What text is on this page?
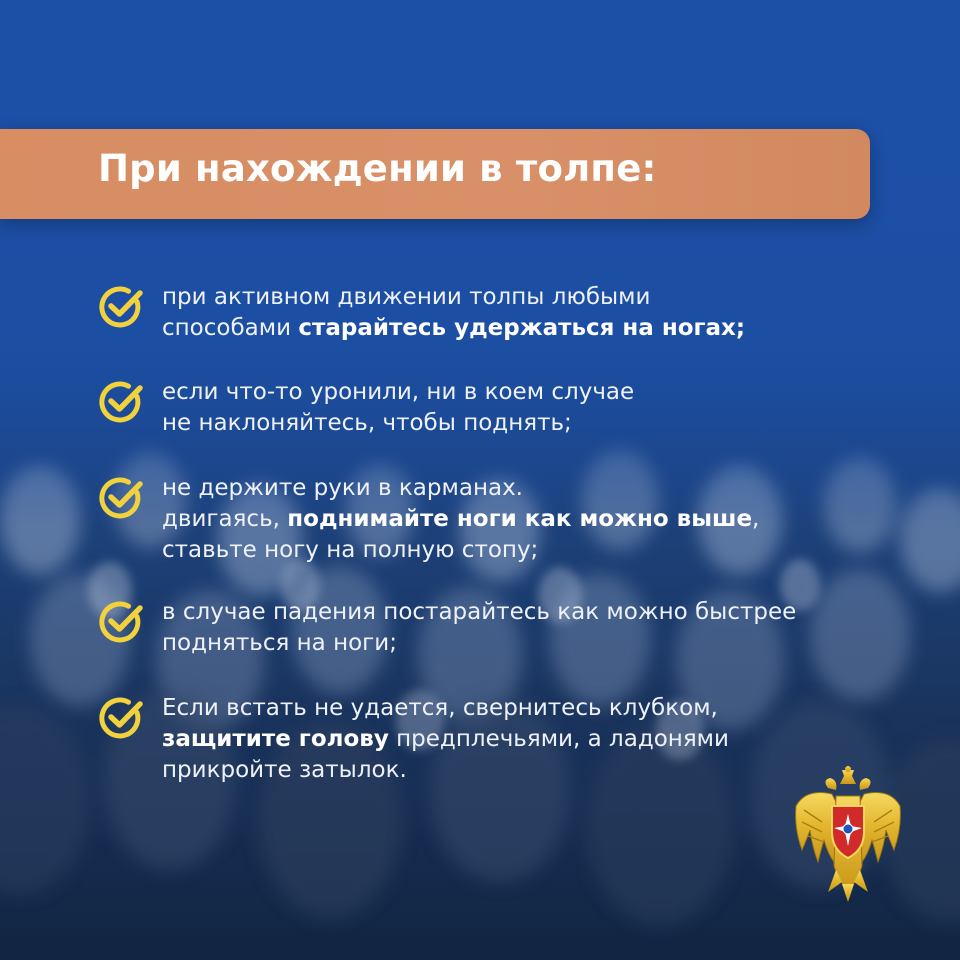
При нахождении в толпе:
при активном движении толпы любыми
способами старайтесь удержаться на ногах;
если что-то уронили, ни в коем случае
не наклоняйтесь, чтобы поднять;
не держите руки в карманах.
двигаясь, поднимайте ноги как можно выше,
ставьте ногу на полную стопу;
в случае падения постарайтесь как можно быстрее
подняться на ноги;
Если встать не удается, свернитесь клубком,
защитите голову предплечьями, а ладонями
прикройте затылок.
